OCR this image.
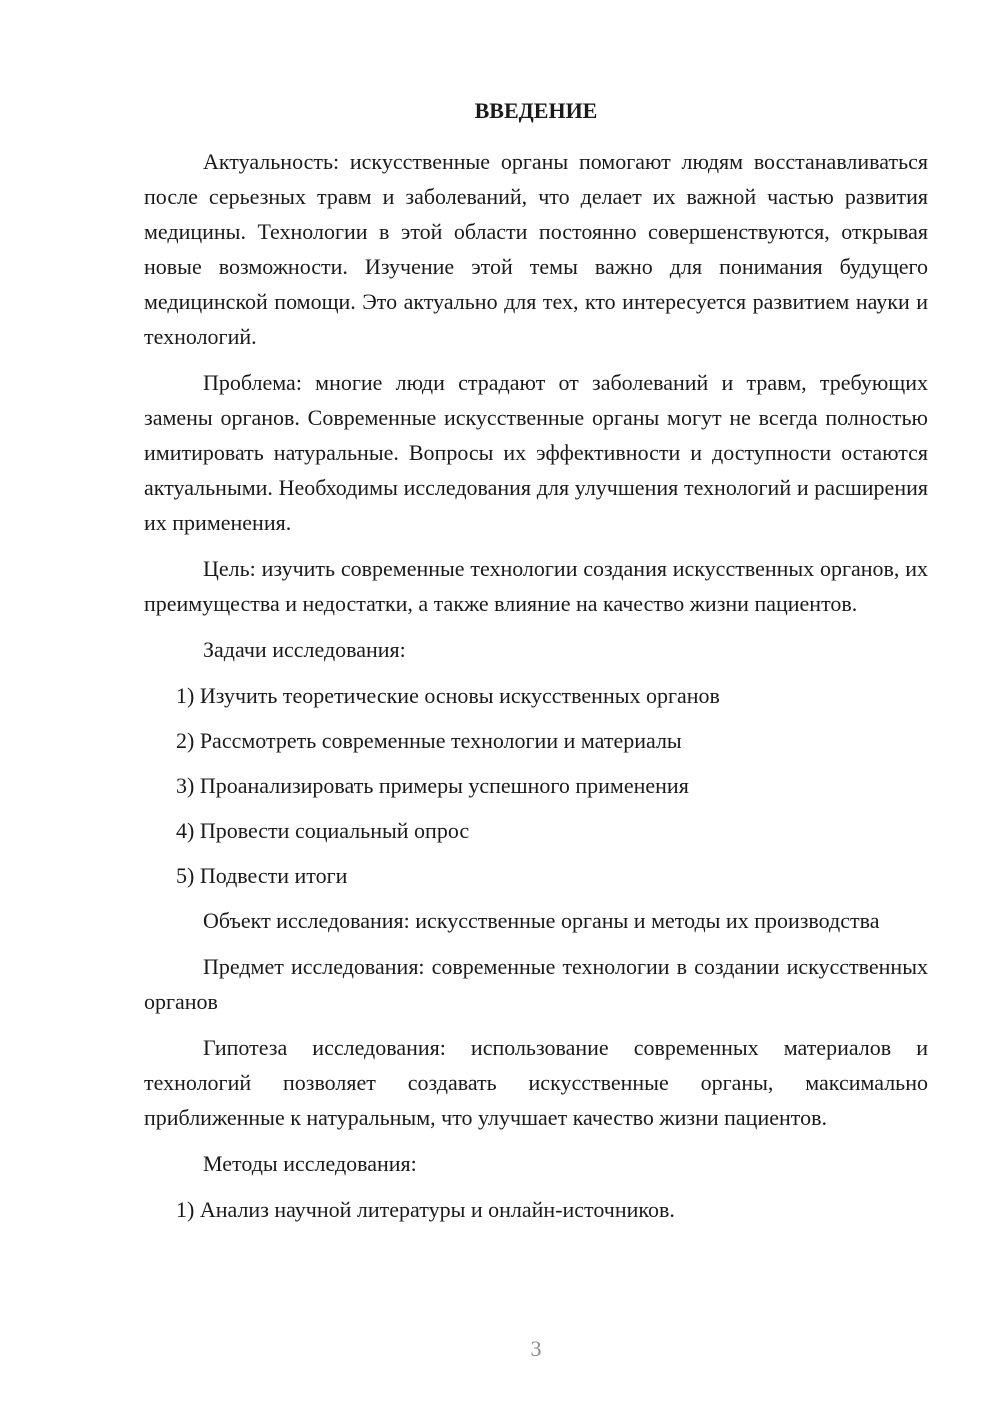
ВВЕДЕНИЕ

Актуальность: искусственные органы помогают людям восстанавливаться после серьезных травм и заболеваний, что делает их важной частью развития медицины. Технологии в этой области постоянно совершенствуются, открывая новые возможности. Изучение этой темы важно для понимания будущего медицинской помощи. Это актуально для тех, кто интересуется развитием науки и технологий.

Проблема: многие люди страдают от заболеваний и травм, требующих замены органов. Современные искусственные органы могут не всегда полностью имитировать натуральные. Вопросы их эффективности и доступности остаются актуальными. Необходимы исследования для улучшения технологий и расширения их применения.

Цель: изучить современные технологии создания искусственных органов, их преимущества и недостатки, а также влияние на качество жизни пациентов.

Задачи исследования:

1) Изучить теоретические основы искусственных органов
2) Рассмотреть современные технологии и материалы
3) Проанализировать примеры успешного применения
4) Провести социальный опрос
5) Подвести итоги

Объект исследования: искусственные органы и методы их производства

Предмет исследования: современные технологии в создании искусственных органов

Гипотеза исследования: использование современных материалов и технологий позволяет создавать искусственные органы, максимально приближенные к натуральным, что улучшает качество жизни пациентов.

Методы исследования:

1) Анализ научной литературы и онлайн-источников.
3
